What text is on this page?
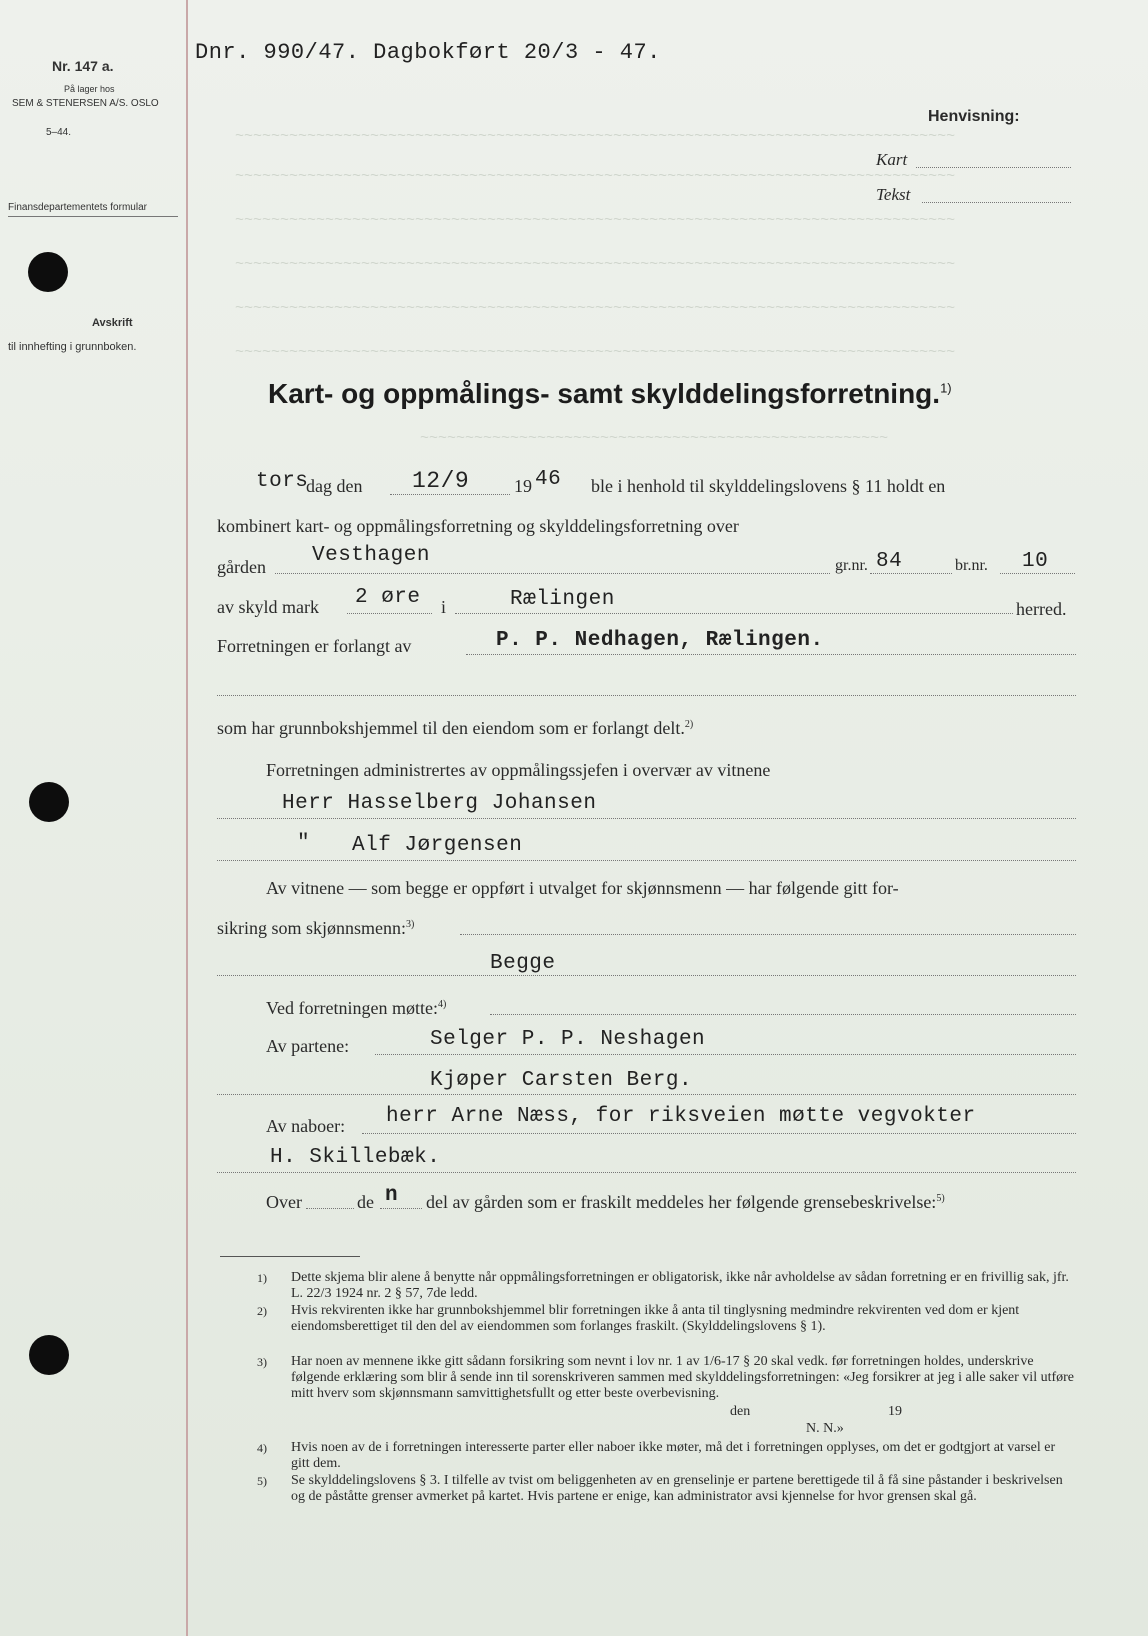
~~~~~~~~~~~~~~~~~~~~~~~~~~~~~~~~~~~~~~~~~~~~~~~~~~~~~~~~~~~~~~~~~~~~~~~~~~~~~~~~
~~~~~~~~~~~~~~~~~~~~~~~~~~~~~~~~~~~~~~~~~~~~~~~~~~~~~~~~~~~~~~~~~~~~~~~~~~~~~~~~
~~~~~~~~~~~~~~~~~~~~~~~~~~~~~~~~~~~~~~~~~~~~~~~~~~~~~~~~~~~~~~~~~~~~~~~~~~~~~~~~
~~~~~~~~~~~~~~~~~~~~~~~~~~~~~~~~~~~~~~~~~~~~~~~~~~~~~~~~~~~~~~~~~~~~~~~~~~~~~~~~
~~~~~~~~~~~~~~~~~~~~~~~~~~~~~~~~~~~~~~~~~~~~~~~~~~~~~~~~~~~~~~~~~~~~~~~~~~~~~~~~
~~~~~~~~~~~~~~~~~~~~~~~~~~~~~~~~~~~~~~~~~~~~~~~~~~~~~~~~~~~~~~~~~~~~~~~~~~~~~~~~
~~~~~~~~~~~~~~~~~~~~~~~~~~~~~~~~~~~~~~~~~~~~~~~~~~~~
Nr. 147 a.
På lager hos
SEM & STENERSEN A/S. OSLO
5–44.
Finansdepartementets formular
Avskrift
til innhefting i grunnboken.
Dnr. 990/47. Dagbokført 20/3 - 47.
Henvisning:
Kart
Tekst
Kart- og oppmålings- samt skylddelingsforretning.$^{1)}$
tors
dag den 12/9 19 46 ble i henhold til skylddelingslovens § 11 holdt en
kombinert kart- og oppmålingsforretning og skylddelingsforretning over
gården Vesthagen	gr.nr. 84	br.nr. 10
av skyld mark 2 øre i	Rælingen	herred.
Forretningen er forlangt av	P. P. Nedhagen, Rælingen.
som har grunnbokshjemmel til den eiendom som er forlangt delt.$^{2)}$
Forretningen administrertes av oppmålingssjefen i overvær av vitnene
Herr Hasselberg Johansen
" Alf Jørgensen
Av vitnene — som begge er oppført i utvalget for skjønnsmenn — har følgende gitt for-
sikring som skjønnsmenn:$^{3)}$
Begge
Ved forretningen møtte:$^{4)}$
Av partene:	Selger P. P. Neshagen
Kjøper Carsten Berg.
Av naboer: herr Arne Næss, for riksveien møtte vegvokter
H. Skillebæk.
Over	de n del av gården som er fraskilt meddeles her følgende grensebeskrivelse:$^{5)}$
1) Dette skjema blir alene å benytte når oppmålingsforretningen er obligatorisk, ikke når avholdelse av sådan forretning er en frivillig sak, jfr. L. 22/3 1924 nr. 2 § 57, 7de ledd.
2) Hvis rekvirenten ikke har grunnbokshjemmel blir forretningen ikke å anta til tinglysning medmindre rekvirenten ved dom er kjent eiendomsberettiget til den del av eiendommen som forlanges fraskilt. (Skylddelingslovens § 1).
3) Har noen av mennene ikke gitt sådann forsikring som nevnt i lov nr. 1 av 1/6-17 § 20 skal vedk. før forretningen holdes, underskrive følgende erklæring som blir å sende inn til sorenskriveren sammen med skylddelingsforretningen: «Jeg forsikrer at jeg i alle saker vil utføre mitt hverv som skjønnsmann samvittighetsfullt og etter beste overbevisning.
den	19
N. N.»
4) Hvis noen av de i forretningen interesserte parter eller naboer ikke møter, må det i forretningen opplyses, om det er godtgjort at varsel er gitt dem.
5) Se skylddelingslovens § 3. I tilfelle av tvist om beliggenheten av en grenselinje er partene berettigede til å få sine påstander i beskrivelsen og de påståtte grenser avmerket på kartet. Hvis partene er enige, kan administrator avsi kjennelse for hvor grensen skal gå.
